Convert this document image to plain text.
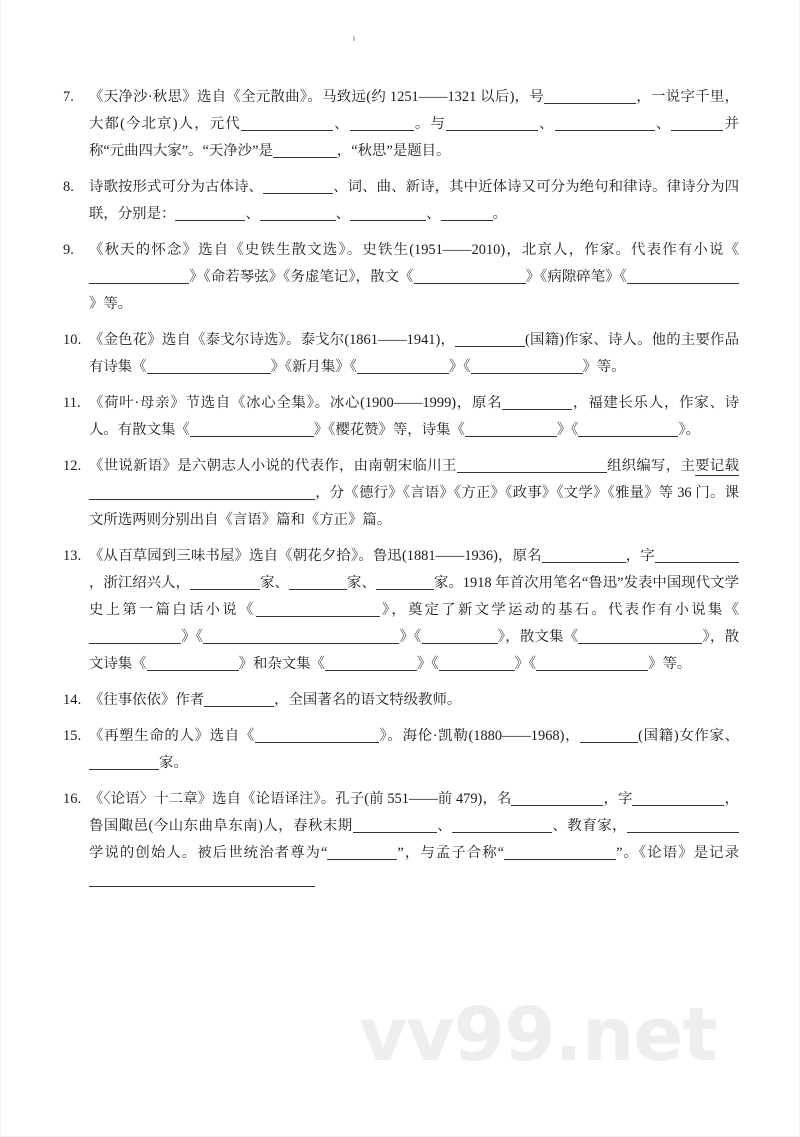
7.	《天净沙·秋思》选自《全元散曲》。马致远(约 1251——1321 以后)，号	，一说字千里，大都(今北京)人，元代	、	。与	、	、	并称“元曲四大家”。“天净沙”是	，“秋思”是题目。
8.	诗歌按形式可分为古体诗、	、词、曲、新诗，其中近体诗又可分为绝句和律诗。律诗分为四联，分别是：	、	、	、	。
9.	《秋天的怀念》选自《史铁生散文选》。史铁生(1951——2010)，北京人，作家。代表作有小说《》《命若琴弦》《务虚笔记》，散文《	》《病隙碎笔》《》等。
10. 《金色花》选自《泰戈尔诗选》。泰戈尔(1861——1941)，	(国籍)作家、诗人。他的主要作品有诗集《	》《新月集》《	》《	》等。
11. 《荷叶·母亲》节选自《冰心全集》。冰心(1900——1999)，原名	，福建长乐人，作家、诗人。有散文集《	》《樱花赞》等，诗集《	》《	》。
12. 《世说新语》是六朝志人小说的代表作，由南朝宋临川王	组织编写，主要记载，分《德行》《言语》《方正》《政事》《文学》《雅量》等 36 门。课文所选两则分别出自《言语》篇和《方正》篇。
13. 《从百草园到三味书屋》选自《朝花夕拾》。鲁迅(1881——1936)，原名	，字，浙江绍兴人，	家、	家、	家。1918 年首次用笔名“鲁迅”发表中国现代文学史上第一篇白话小说《	》，奠定了新文学运动的基石。代表作有小说集《》《	》《	》，散文集《	》，散文诗集《	》和杂文集《	》《	》《	》等。
14. 《往事依依》作者	，全国著名的语文特级教师。
15. 《再塑生命的人》选自《	》。海伦·凯勒(1880——1968)，	(国籍)女作家、家。
16. 《〈论语〉十二章》选自《论语译注》。孔子(前 551——前 479)，名	，字	，鲁国陬邑(今山东曲阜东南)人，春秋末期	、	、教育家，学说的创始人。被后世统治者尊为“	”，与孟子合称“	”。《论语》是记录
vv99.net
